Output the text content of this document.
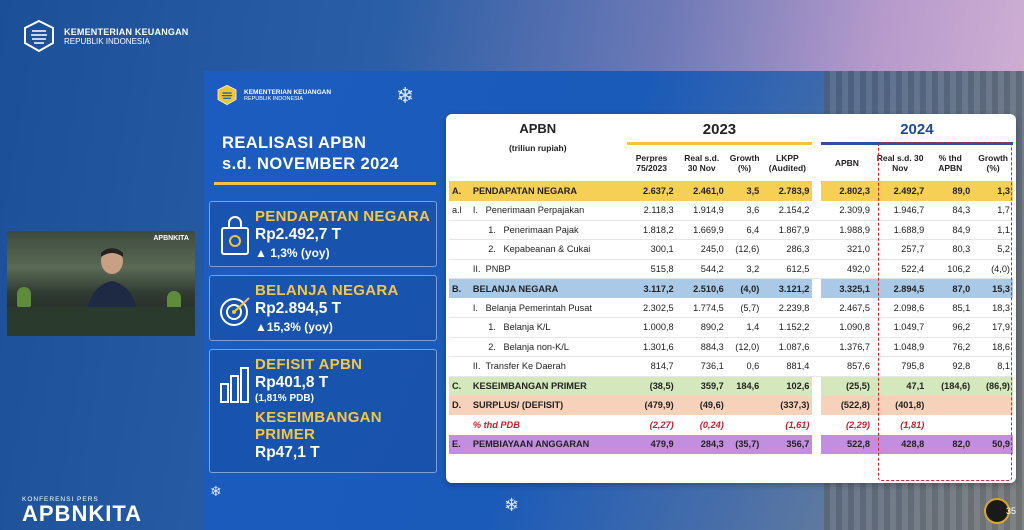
KEMENTERIAN KEUANGAN
REPUBLIK INDONESIA
APBNKITA
KEMENTERIAN KEUANGAN
REPUBLIK INDONESIA	❄
❄
❄
REALISASI APBN
s.d. NOVEMBER 2024
PENDAPATAN NEGARA
Rp2.492,7 T
▲ 1,3% (yoy)
BELANJA NEGARA
Rp2.894,5 T
▲15,3% (yoy)
DEFISIT APBN
Rp401,8 T
(1,81% PDB)
KESEIMBANGAN
PRIMER
Rp47,1 T
APBN		2023					2024			
(triliun rupiah)		Perpres 75/2023	Real s.d. 30 Nov	Growth (%)	LKPP (Audited)		APBN	Real s.d. 30 Nov	% thd APBN	Growth (%)
A.	PENDAPATAN NEGARA	2.637,2	2.461,0	3,5	2.783,9		2.802,3	2.492,7	89,0	1,3
a.l	I.   Penerimaan Perpajakan	2.118,3	1.914,9	3,6	2.154,2		2.309,9	1.946,7	84,3	1,7
	1.   Penerimaan Pajak	1.818,2	1.669,9	6,4	1.867,9		1.988,9	1.688,9	84,9	1,1
	2.   Kepabeanan & Cukai	300,1	245,0	(12,6)	286,3		321,0	257,7	80,3	5,2
	II.  PNBP	515,8	544,2	3,2	612,5		492,0	522,4	106,2	(4,0)
B.	BELANJA NEGARA	3.117,2	2.510,6	(4,0)	3.121,2		3.325,1	2.894,5	87,0	15,3
	I.   Belanja Pemerintah Pusat	2.302,5	1.774,5	(5,7)	2.239,8		2.467,5	2.098,6	85,1	18,3
	1.   Belanja K/L	1.000,8	890,2	1,4	1.152,2		1.090,8	1.049,7	96,2	17,9
	2.   Belanja non-K/L	1.301,6	884,3	(12,0)	1.087,6		1.376,7	1.048,9	76,2	18,6
	II.  Transfer Ke Daerah	814,7	736,1	0,6	881,4		857,6	795,8	92,8	8,1
C.	KESEIMBANGAN PRIMER	(38,5)	359,7	184,6	102,6		(25,5)	47,1	(184,6)	(86,9)
D.	SURPLUS/ (DEFISIT)	(479,9)	(49,6)		(337,3)		(522,8)	(401,8)		
	% thd PDB	(2,27)	(0,24)		(1,61)		(2,29)	(1,81)		
E.	PEMBIAYAAN ANGGARAN	479,9	284,3	(35,7)	356,7		522,8	428,8	82,0	50,9
35
KONFERENSI PERS
APBNKITA
